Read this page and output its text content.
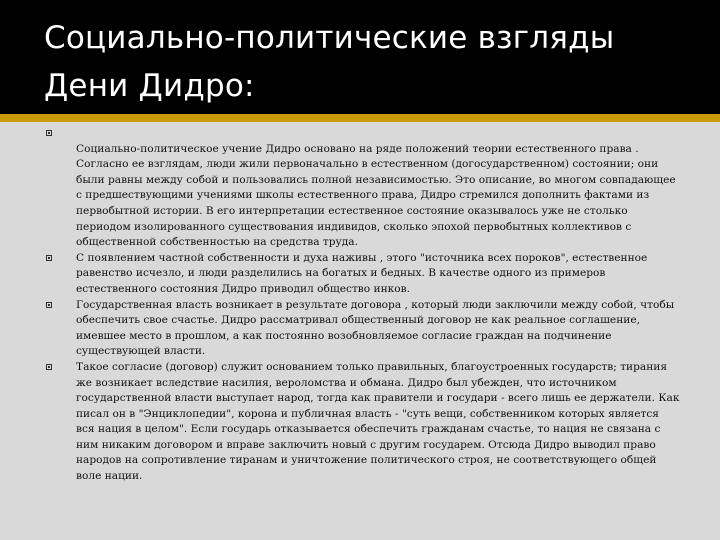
Социально-политические взгляды
Дени Дидро:
Социально-политическое учение Дидро основано на ряде положений теории естественного права . Согласно ее взглядам, люди жили первоначально в естественном (догосударственном) состоянии; они были равны между собой и пользовались полной независимостью. Это описание, во многом совпадающее с предшествующими учениями школы естественного права, Дидро стремился дополнить фактами из первобытной истории. В его интерпретации естественное состояние оказывалось уже не столько периодом изолированного существования индивидов, сколько эпохой первобытных коллективов с общественной собственностью на средства труда.
С появлением частной собственности и духа наживы , этого "источника всех пороков", естественное равенство исчезло, и люди разделились на богатых и бедных. В качестве одного из примеров естественного состояния Дидро приводил общество инков.
Государственная власть возникает в результате договора , который люди заключили между собой, чтобы обеспечить свое счастье. Дидро рассматривал общественный договор не как реальное соглашение, имевшее место в прошлом, а как постоянно возобновляемое согласие граждан на подчинение существующей власти.
Такое согласие (договор) служит основанием только правильных, благоустроенных государств; тирания же возникает вследствие насилия, вероломства и обмана. Дидро был убежден, что источником государственной власти выступает народ, тогда как правители и государи - всего лишь ее держатели. Как писал он в "Энциклопедии", корона и публичная власть - "суть вещи, собственником которых является вся нация в целом". Если государь отказывается обеспечить гражданам счастье, то нация не связана с ним никаким договором и вправе заключить новый с другим государем. Отсюда Дидро выводил право народов на сопротивление тиранам и уничтожение политического строя, не соответствующего общей воле нации.
